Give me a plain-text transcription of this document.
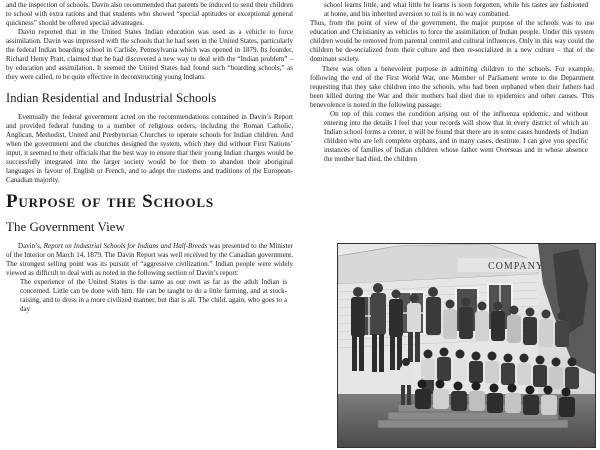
and the inspection of schools. Davin also recommended that parents be induced to send their children to school with extra rations and that students who showed “special aptitudes or exceptional general quickness” should be offered special advantages.

Davin reported that in the United States Indian education was used as a vehicle to force assimilation. Davin was impressed with the schools that he had seen in the United States, particularly the federal Indian boarding school in Carlisle, Pennsylvania which was opened in 1879. Its founder, Richard Henry Pratt, claimed that he had discovered a new way to deal with the “Indian problem” – by education and assimilation. It seemed the United States had found such “boarding schools,” as they were called, to be quite effective in deconstructing young Indians.

Indian Residential and Industrial Schools

Eventually the federal government acted on the recommendations contained in Davin’s Report and provided federal funding to a number of religious orders, including the Roman Catholic, Anglican, Methodist, United and Presbyterian Churches to operate schools for Indian children. And when the government and the churches designed the system, which they did without First Nations’ input, it seemed to their officials that the best way to ensure that their young Indian charges would be successfully integrated into the larger society would be for them to abandon their aboriginal languages in favour of English or French, and to adopt the customs and traditions of the European-Canadian majority.

Purpose of the Schools
The Government View

Davin’s, Report on Industrial Schools for Indians and Half-Breeds was presented to the Minister of the Interior on March 14, 1879. The Davin Report was well received by the Canadian government. The strongest selling point was its pursuit of “aggressive civilization.” Indian people were widely viewed as difficult to deal with as noted in the following section of Davin’s report:

The experience of the United States is the same as our own as far as the adult Indian is concerned. Little can be done with him. He can be taught to do a little farming, and at stock-raising, and to dress in a more civilized manner, but that is all. The child, again, who goes to a day

school learns little, and what little he learns is soon forgotten, while his tastes are fashioned at home, and his inherited aversion to toil is in no way combatted.

Thus, from the point of view of the government, the major purpose of the schools was to use education and Christianity as vehicles to force the assimilation of Indian people. Under this system children would be removed from parental control and cultural influences. Only in this way could the children be de-socialized from their culture and then re-socialized in a new culture – that of the dominant society.

There was often a benevolent purpose in admitting children to the schools. For example, following the end of the First World War, one Member of Parliament wrote to the Department requesting that they take children into the schools, who had been orphaned when their fathers had been killed during the War and their mothers had died due to epidemics and other causes. This benevolence is noted in the following passage:

On top of this comes the condition arising out of the influenza epidemic, and without entering into the details I feel that your records will show that in every district of which an Indian school forms a center, it will be found that there are in some cases hundreds of Indian children who are left complete orphans, and in many cases, destitute. I can give you specific instances of families of Indian children whose father went Overseas and in whose absence the mother had died, the children

COMPANY
